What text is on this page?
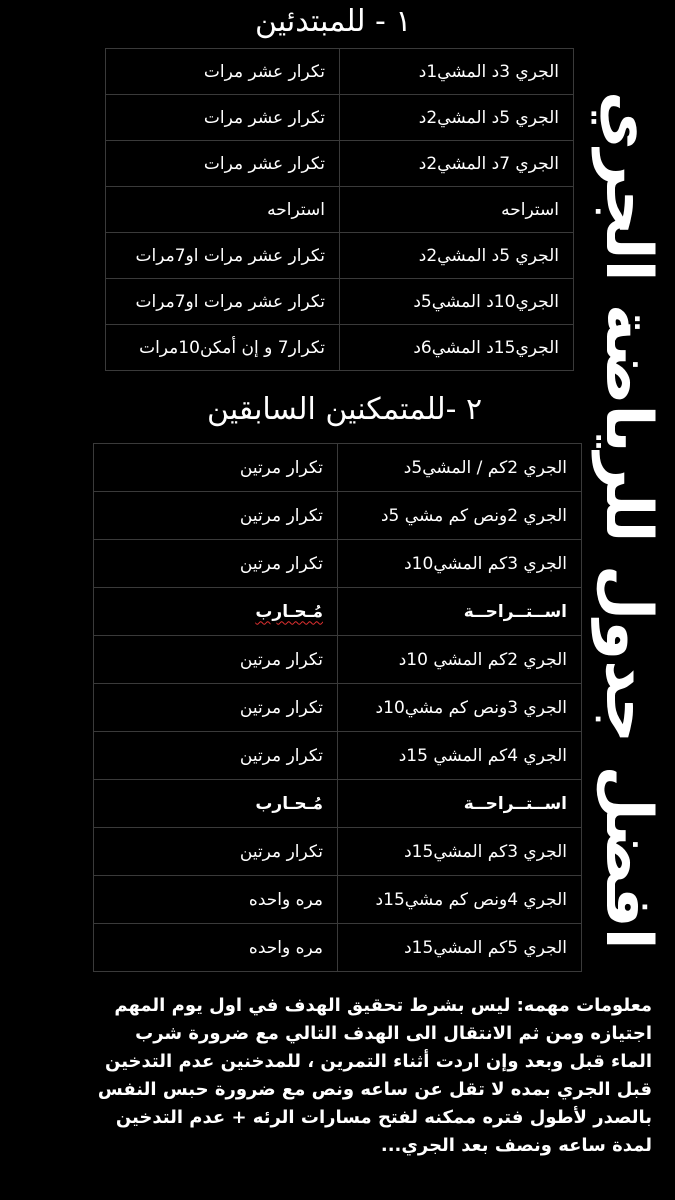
افضل جدول للرياضة الجري
١ - للمبتدئين
الجري 3د المشي1د	تكرار عشر مرات
الجري 5د المشي2د	تكرار عشر مرات
الجري 7د المشي2د	تكرار عشر مرات
استراحه	استراحه
الجري 5د المشي2د	تكرار عشر مرات او7مرات
الجري10د المشي5د	تكرار عشر مرات او7مرات
الجري15د المشي6د	تكرار7 و إن أمكن10مرات
٢ -للمتمكنين السابقين
الجري 2كم / المشي5د	تكرار مرتين
الجري 2ونص كم مشي 5د	تكرار مرتين
الجري 3كم المشي10د	تكرار مرتين
اســتــراحــة	مُـحـارب
الجري 2كم المشي 10د	تكرار مرتين
الجري 3ونص كم مشي10د	تكرار مرتين
الجري 4كم المشي 15د	تكرار مرتين
اســتــراحــة	مُـحـارب
الجري 3كم المشي15د	تكرار مرتين
الجري 4ونص كم مشي15د	مره واحده
الجري 5كم المشي15د	مره واحده
معلومات مهمه: ليس بشرط تحقيق الهدف في اول يوم المهم
اجتيازه ومن ثم الانتقال الى الهدف التالي مع ضرورة شرب
الماء قبل وبعد وإن اردت أثناء التمرين ، للمدخنين عدم التدخين
قبل الجري بمده لا تقل عن ساعه ونص مع ضرورة حبس النفس
بالصدر لأطول فتره ممكنه لفتح مسارات الرئه + عدم التدخين
لمدة ساعه ونصف بعد الجري...
